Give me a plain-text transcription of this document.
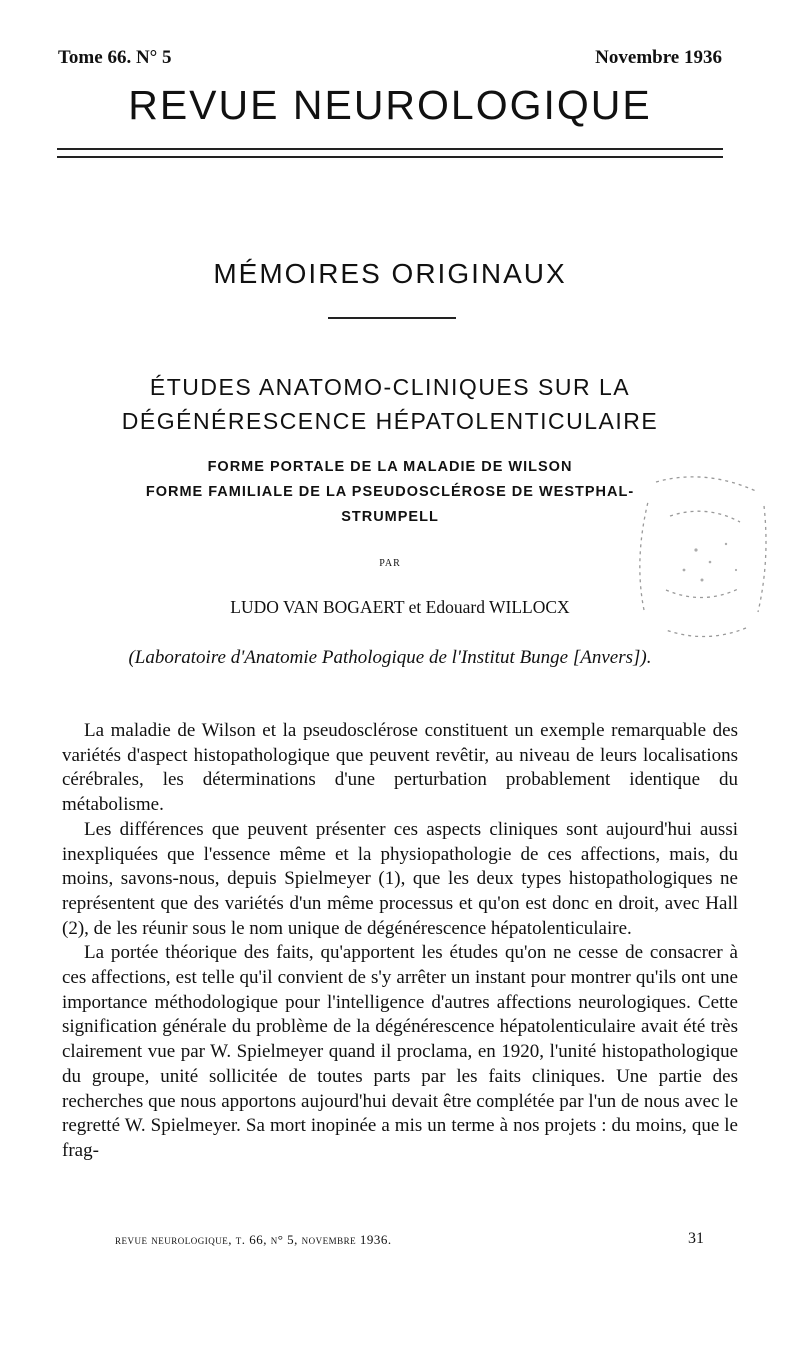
Tome 66. N° 5	Novembre 1936
REVUE NEUROLOGIQUE
MÉMOIRES ORIGINAUX
ÉTUDES ANATOMO-CLINIQUES SUR LA
DÉGÉNÉRESCENCE HÉPATOLENTICULAIRE
FORME PORTALE DE LA MALADIE DE WILSON
FORME FAMILIALE DE LA PSEUDOSCLÉROSE DE WESTPHAL-
STRUMPELL
PAR
LUDO VAN BOGAERT et Edouard WILLOCX
(Laboratoire d'Anatomie Pathologique de l'Institut Bunge [Anvers]).

La maladie de Wilson et la pseudosclérose constituent un exemple remarquable des variétés d'aspect histopathologique que peuvent revêtir, au niveau de leurs localisations cérébrales, les déterminations d'une perturbation probablement identique du métabolisme.

Les différences que peuvent présenter ces aspects cliniques sont aujourd'hui aussi inexpliquées que l'essence même et la physiopathologie de ces affections, mais, du moins, savons-nous, depuis Spielmeyer (1), que les deux types histopathologiques ne représentent que des variétés d'un même processus et qu'on est donc en droit, avec Hall (2), de les réunir sous le nom unique de dégénérescence hépatolenticulaire.

La portée théorique des faits, qu'apportent les études qu'on ne cesse de consacrer à ces affections, est telle qu'il convient de s'y arrêter un instant pour montrer qu'ils ont une importance méthodologique pour l'intelligence d'autres affections neurologiques. Cette signification générale du problème de la dégénérescence hépatolenticulaire avait été très clairement vue par W. Spielmeyer quand il proclama, en 1920, l'unité histopathologique du groupe, unité sollicitée de toutes parts par les faits cliniques. Une partie des recherches que nous apportons aujourd'hui devait être complétée par l'un de nous avec le regretté W. Spielmeyer. Sa mort inopinée a mis un terme à nos projets : du moins, que le frag-

revue neurologique, t. 66, n° 5, novembre 1936.	31
